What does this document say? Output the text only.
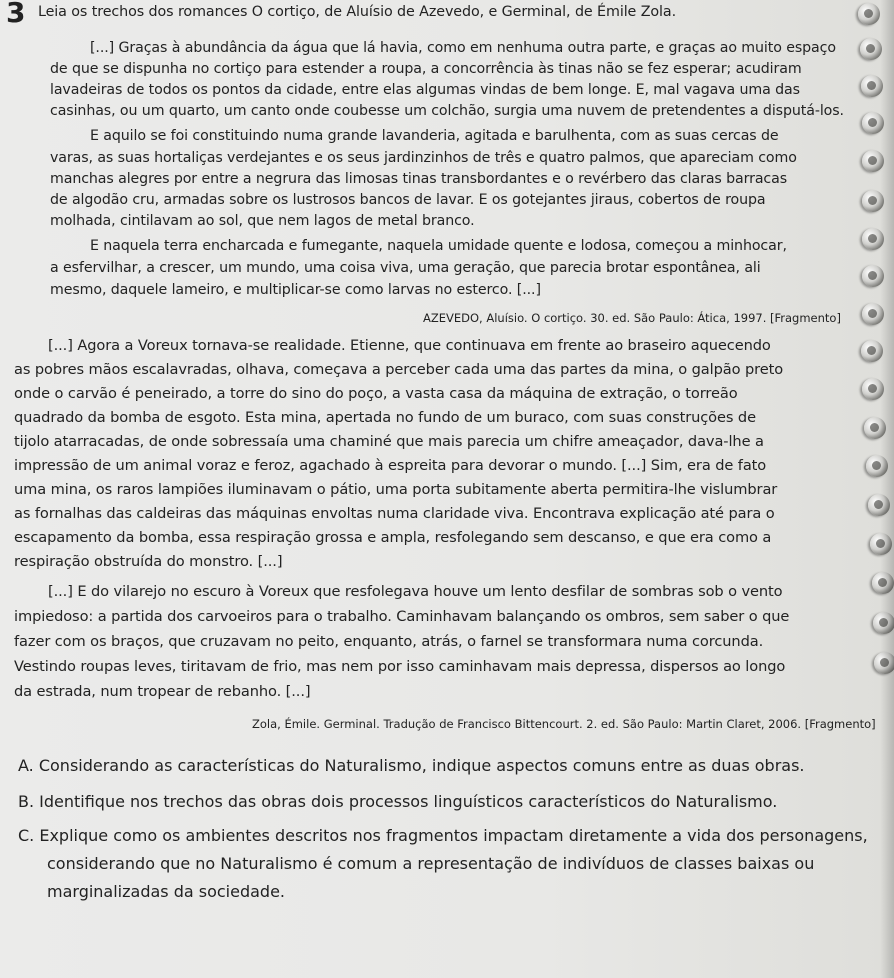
3 Leia os trechos dos romances O cortiço, de Aluísio de Azevedo, e Germinal, de Émile Zola.
[...] Graças à abundância da água que lá havia, como em nenhuma outra parte, e graças ao muito espaço
de que se dispunha no cortiço para estender a roupa, a concorrência às tinas não se fez esperar; acudiram
lavadeiras de todos os pontos da cidade, entre elas algumas vindas de bem longe. E, mal vagava uma das
casinhas, ou um quarto, um canto onde coubesse um colchão, surgia uma nuvem de pretendentes a disputá-los.
E aquilo se foi constituindo numa grande lavanderia, agitada e barulhenta, com as suas cercas de
varas, as suas hortaliças verdejantes e os seus jardinzinhos de três e quatro palmos, que apareciam como
manchas alegres por entre a negrura das limosas tinas transbordantes e o revérbero das claras barracas
de algodão cru, armadas sobre os lustrosos bancos de lavar. E os gotejantes jiraus, cobertos de roupa
molhada, cintilavam ao sol, que nem lagos de metal branco.
E naquela terra encharcada e fumegante, naquela umidade quente e lodosa, começou a minhocar,
a esfervilhar, a crescer, um mundo, uma coisa viva, uma geração, que parecia brotar espontânea, ali
mesmo, daquele lameiro, e multiplicar-se como larvas no esterco. [...]
AZEVEDO, Aluísio. O cortiço. 30. ed. São Paulo: Ática, 1997. [Fragmento]
[...] Agora a Voreux tornava-se realidade. Etienne, que continuava em frente ao braseiro aquecendo
as pobres mãos escalavradas, olhava, começava a perceber cada uma das partes da mina, o galpão preto
onde o carvão é peneirado, a torre do sino do poço, a vasta casa da máquina de extração, o torreão
quadrado da bomba de esgoto. Esta mina, apertada no fundo de um buraco, com suas construções de
tijolo atarracadas, de onde sobressaía uma chaminé que mais parecia um chifre ameaçador, dava-lhe a
impressão de um animal voraz e feroz, agachado à espreita para devorar o mundo. [...] Sim, era de fato
uma mina, os raros lampiões iluminavam o pátio, uma porta subitamente aberta permitira-lhe vislumbrar
as fornalhas das caldeiras das máquinas envoltas numa claridade viva. Encontrava explicação até para o
escapamento da bomba, essa respiração grossa e ampla, resfolegando sem descanso, e que era como a
respiração obstruída do monstro. [...]
[...] E do vilarejo no escuro à Voreux que resfolegava houve um lento desfilar de sombras sob o vento
impiedoso: a partida dos carvoeiros para o trabalho. Caminhavam balançando os ombros, sem saber o que
fazer com os braços, que cruzavam no peito, enquanto, atrás, o farnel se transformara numa corcunda.
Vestindo roupas leves, tiritavam de frio, mas nem por isso caminhavam mais depressa, dispersos ao longo
da estrada, num tropear de rebanho. [...]
Zola, Émile. Germinal. Tradução de Francisco Bittencourt. 2. ed. São Paulo: Martin Claret, 2006. [Fragmento]
A. Considerando as características do Naturalismo, indique aspectos comuns entre as duas obras.
B. Identifique nos trechos das obras dois processos linguísticos característicos do Naturalismo.
C. Explique como os ambientes descritos nos fragmentos impactam diretamente a vida dos personagens,
considerando que no Naturalismo é comum a representação de indivíduos de classes baixas ou
marginalizadas da sociedade.
